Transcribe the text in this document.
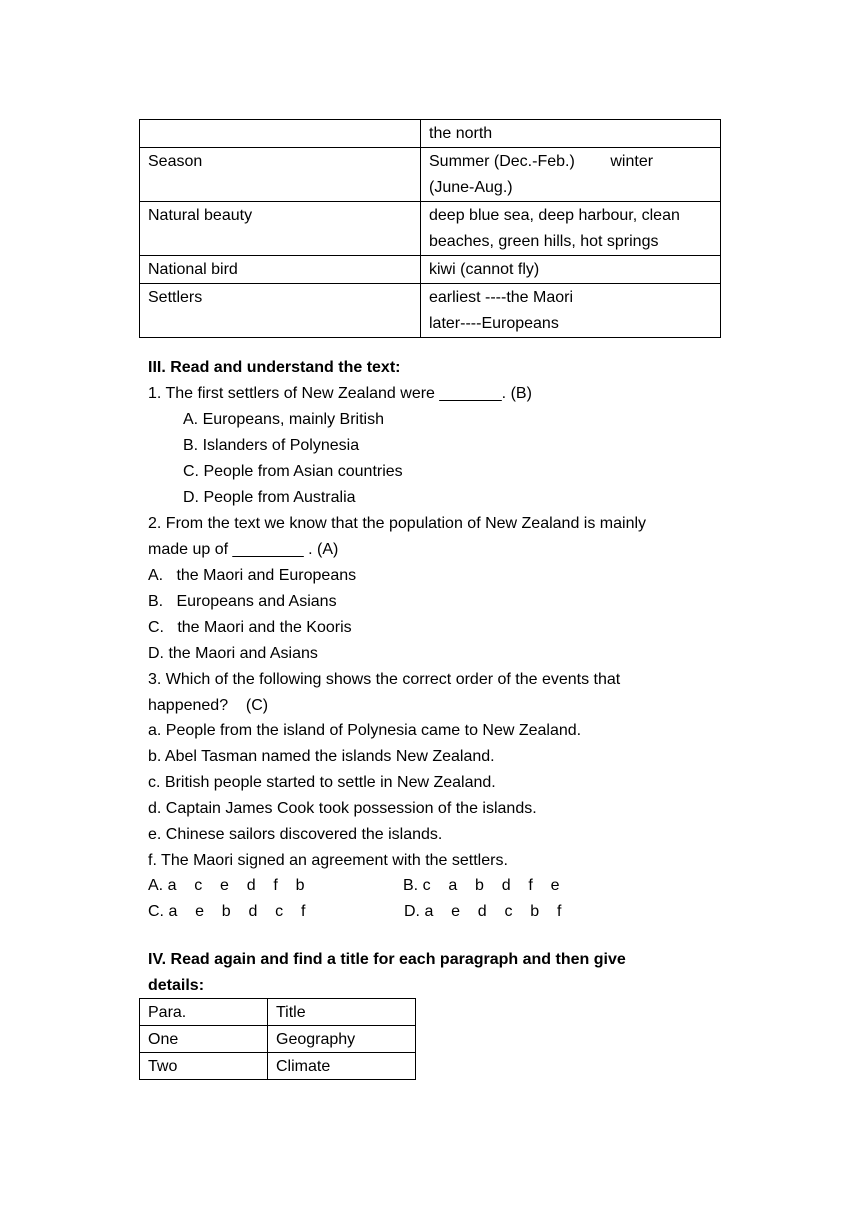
	the north
Season	Summer (Dec.-Feb.)        winter
(June-Aug.)
Natural beauty	deep blue sea, deep harbour, clean
beaches, green hills, hot springs
National bird	kiwi (cannot fly)
Settlers	earliest ----the Maori
later----Europeans
III. Read and understand the text:
1. The first settlers of New Zealand were _______. (B)
A. Europeans, mainly British
B. Islanders of Polynesia
C. People from Asian countries
D. People from Australia
2. From the text we know that the population of New Zealand is mainly
made up of ________ . (A)
A.   the Maori and Europeans
B.   Europeans and Asians
C.   the Maori and the Kooris
D. the Maori and Asians
3. Which of the following shows the correct order of the events that
happened?    (C)
a. People from the island of Polynesia came to New Zealand.
b. Abel Tasman named the islands New Zealand.
c. British people started to settle in New Zealand.
d. Captain James Cook took possession of the islands.
e. Chinese sailors discovered the islands.
f. The Maori signed an agreement with the settlers.
A. a    c    e    d    f    b	B. c    a    b    d    f    e
C. a    e    b    d    c    f	D. a    e    d    c    b    f
IV. Read again and find a title for each paragraph and then give
details:
Para.	Title
One	Geography
Two	Climate
